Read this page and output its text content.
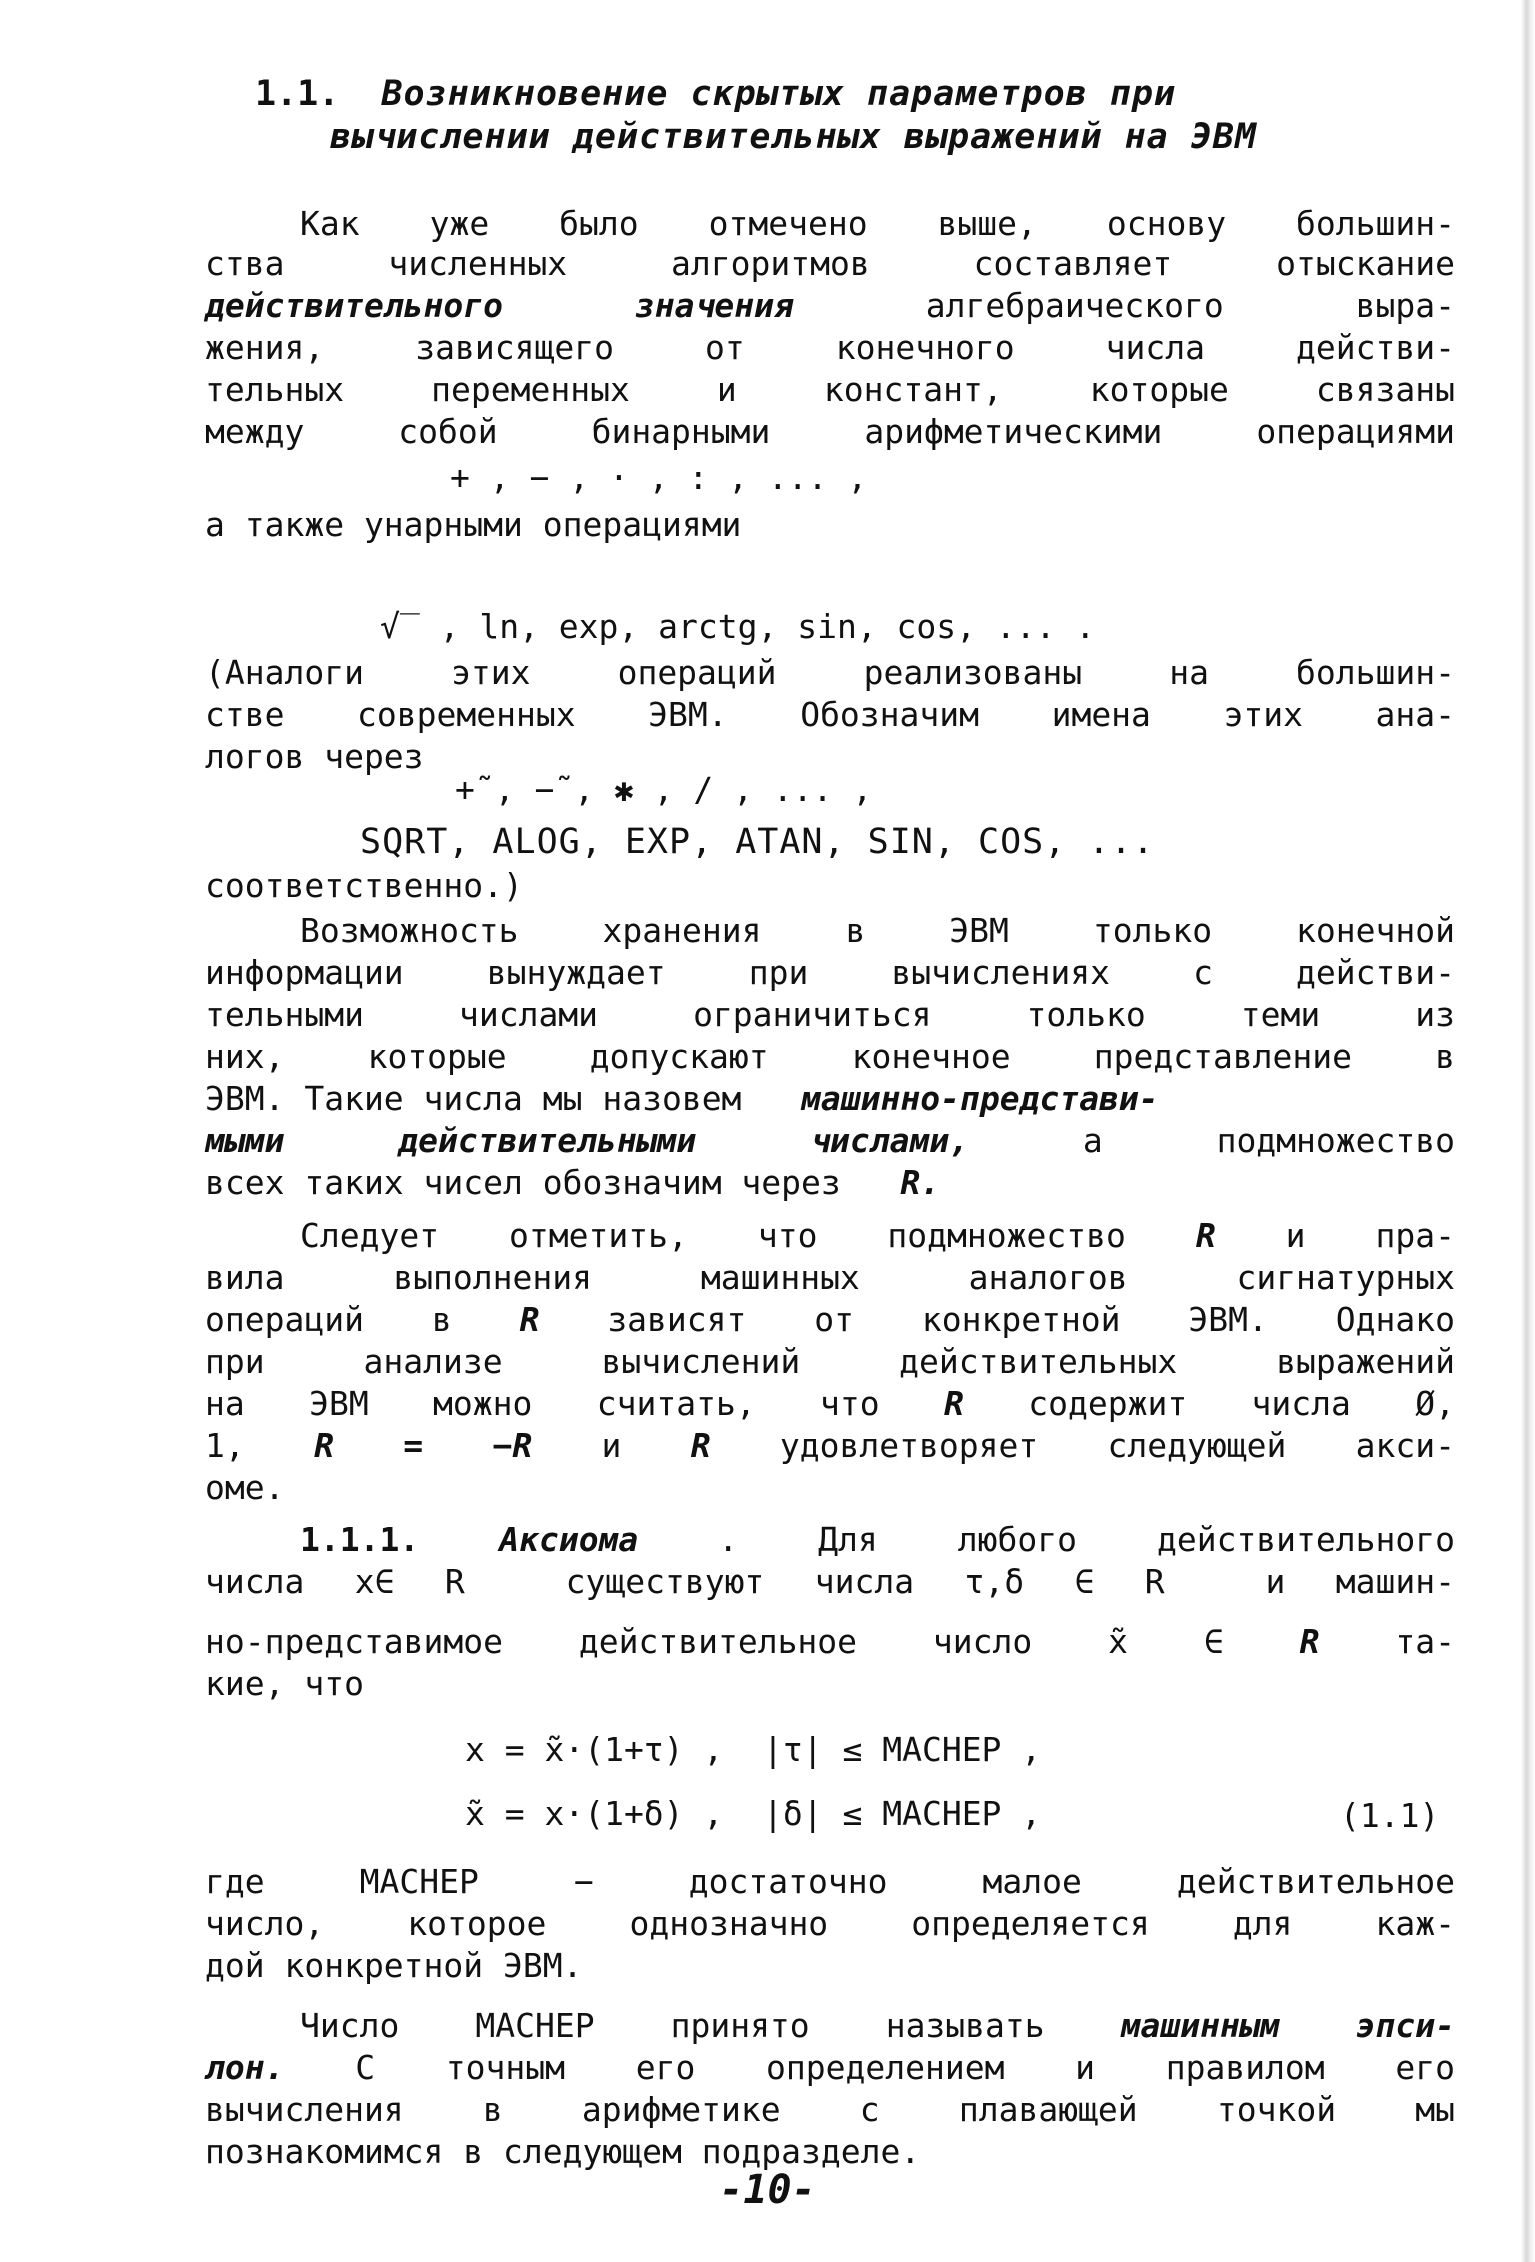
1.1. Возникновение скрытых параметров при
вычислении действительных выражений на ЭВМ
Как уже было отмечено выше, основу большин-
ства численных алгоритмов составляет отыскание
действительного значения	алгебраического выра-
жения, зависящего от конечного числа действи-
тельных переменных и констант, которые связаны
между собой бинарными арифметическими операциями
+ , − , · , : , ... ,
а также унарными операциями
√‾ , ln, exp, arctg, sin, cos, ... .
(Аналоги этих операций реализованы на большин-
стве современных ЭВМ. Обозначим имена этих ана-
логов через
+̃ , −̃ , ✱ , / , ... ,
SQRT, ALOG, EXP, ATAN, SIN, COS, ...
соответственно.)
Возможность хранения в ЭВМ только конечной
информации вынуждает при вычислениях с действи-
тельными числами ограничиться только теми из
них, которые допускают конечное представление в
ЭВМ. Такие числа мы назовем машинно-представи-
мыми действительными числами,	а подмножество
всех таких чисел обозначим через R.
Следует отметить, что подмножество R и пра-
вила выполнения машинных аналогов сигнатурных
операций в R зависят от конкретной ЭВМ. Однако
при анализе вычислений действительных выражений
на ЭВМ можно считать, что R содержит числа Ø,
1, R = −R и R удовлетворяет следующей акси-
оме.
1.1.1. Аксиома . Для любого действительного
числа x∈ R  существуют числа τ,δ ∈ R  и машин-
но-представимое действительное число x̃ ∈ R та-
кие, что
x = x̃·(1+τ) ,  |τ| ≤ MACHEP ,
x̃ = x·(1+δ) ,  |δ| ≤ MACHEP ,	(1.1)
где MACHEP − достаточно малое действительное
число, которое однозначно определяется для каж-
дой конкретной ЭВМ.
Число MACHEP принято называть машинным эпси-
лон. С точным его определением и правилом его
вычисления в арифметике с плавающей точкой мы
познакомимся в следующем подразделе.
-10-
